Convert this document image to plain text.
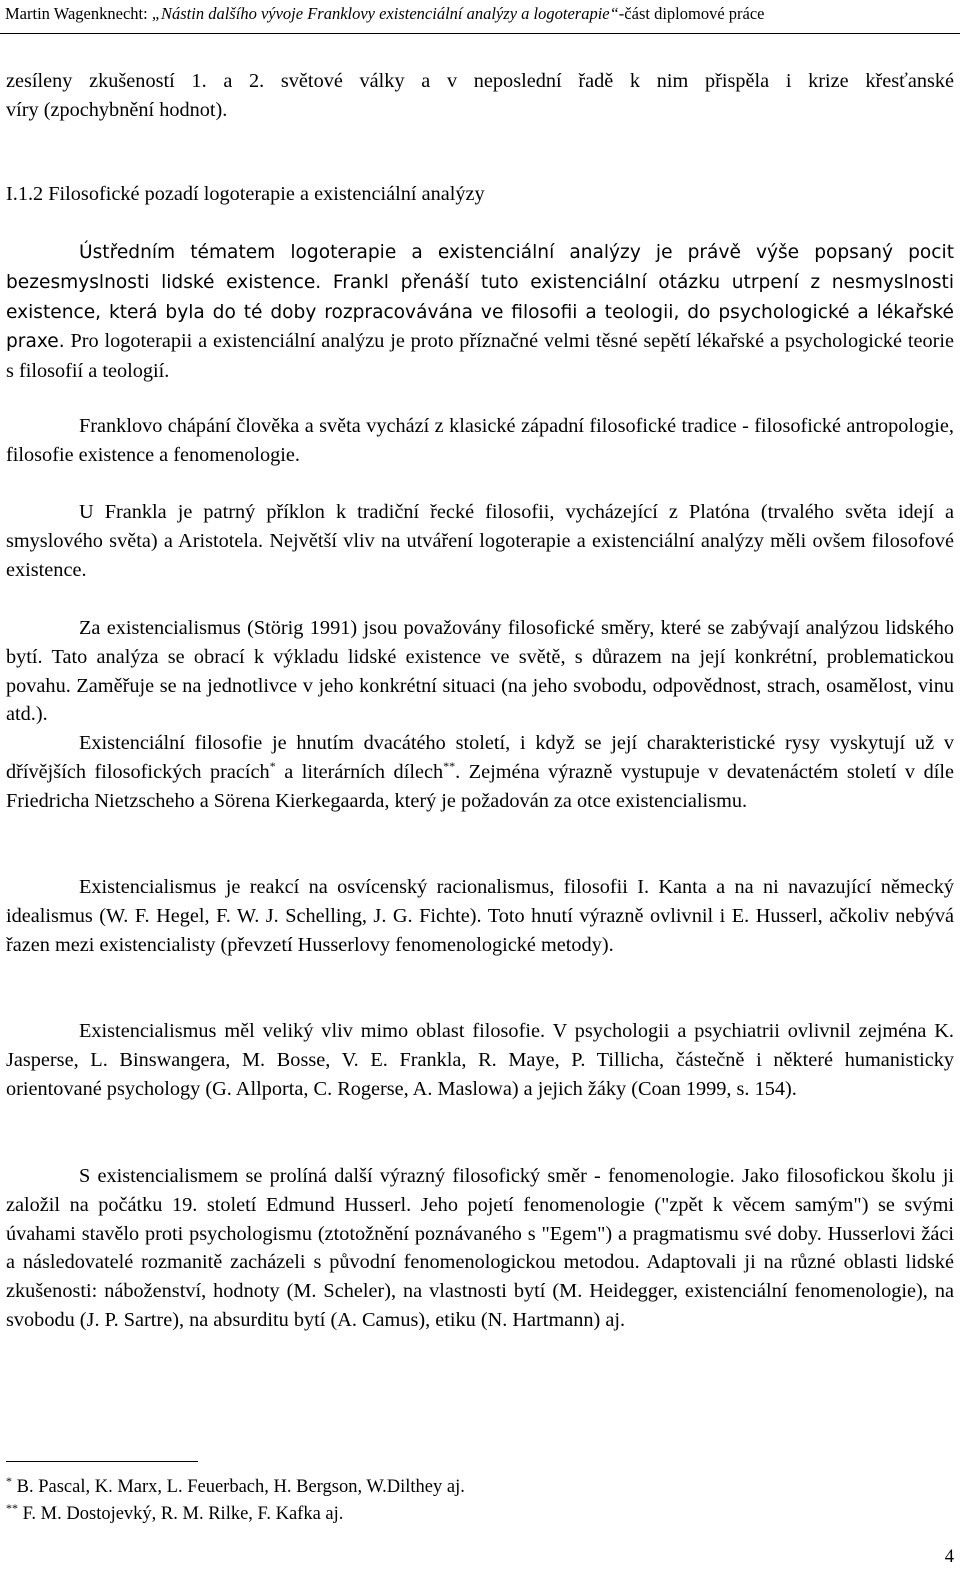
Martin Wagenknecht: „Nástin dalšího vývoje Franklovy existenciální analýzy a logoterapie“-část diplomové práce
zesíleny zkušeností 1. a 2. světové války a v neposlední řadě k nim přispěla i krize křesťanské
víry (zpochybnění hodnot).
I.1.2 Filosofické pozadí logoterapie a existenciální analýzy
Ústředním tématem logoterapie a existenciální analýzy je právě výše popsaný pocit bezesmyslnosti lidské existence. Frankl přenáší tuto existenciální otázku utrpení z nesmyslnosti existence, která byla do té doby rozpracovávána ve filosofii a teologii, do psychologické a lékařské praxe. Pro logoterapii a existenciální analýzu je proto příznačné velmi těsné sepětí lékařské a psychologické teorie s filosofií a teologií.
Franklovo chápání člověka a světa vychází z klasické západní filosofické tradice - filosofické antropologie, filosofie existence a fenomenologie.
U Frankla je patrný příklon k tradiční řecké filosofii, vycházející z Platóna (trvalého světa idejí a smyslového světa) a Aristotela. Největší vliv na utváření logoterapie a existenciální analýzy měli ovšem filosofové existence.
Za existencialismus (Störig 1991) jsou považovány filosofické směry, které se zabývají analýzou lidského bytí. Tato analýza se obrací k výkladu lidské existence ve světě, s důrazem na její konkrétní, problematickou povahu. Zaměřuje se na jednotlivce v jeho konkrétní situaci (na jeho svobodu, odpovědnost, strach, osamělost, vinu atd.).
Existenciální filosofie je hnutím dvacátého století, i když se její charakteristické rysy vyskytují už v dřívějších filosofických pracích* a literárních dílech**. Zejména výrazně vystupuje v devatenáctém století v díle Friedricha Nietzscheho a Sörena Kierkegaarda, který je požadován za otce existencialismu.
Existencialismus je reakcí na osvícenský racionalismus, filosofii I. Kanta a na ni navazující německý idealismus (W. F. Hegel, F. W. J. Schelling, J. G. Fichte). Toto hnutí výrazně ovlivnil i E. Husserl, ačkoliv nebývá řazen mezi existencialisty (převzetí Husserlovy fenomenologické metody).
Existencialismus měl veliký vliv mimo oblast filosofie. V psychologii a psychiatrii ovlivnil zejména K. Jasperse, L. Binswangera, M. Bosse, V. E. Frankla, R. Maye, P. Tillicha, částečně i některé humanisticky orientované psychology (G. Allporta, C. Rogerse, A. Maslowa) a jejich žáky (Coan 1999, s. 154).
S existencialismem se prolíná další výrazný filosofický směr - fenomenologie. Jako filosofickou školu ji založil na počátku 19. století Edmund Husserl. Jeho pojetí fenomenologie ("zpět k věcem samým") se svými úvahami stavělo proti psychologismu (ztotožnění poznávaného s "Egem") a pragmatismu své doby. Husserlovi žáci a následovatelé rozmanitě zacházeli s původní fenomenologickou metodou. Adaptovali ji na různé oblasti lidské zkušenosti: náboženství, hodnoty (M. Scheler), na vlastnosti bytí (M. Heidegger, existenciální fenomenologie), na svobodu (J. P. Sartre), na absurditu bytí (A. Camus), etiku (N. Hartmann) aj.
* B. Pascal, K. Marx, L. Feuerbach, H. Bergson, W.Dilthey aj.
** F. M. Dostojevký, R. M. Rilke, F. Kafka aj.
4
